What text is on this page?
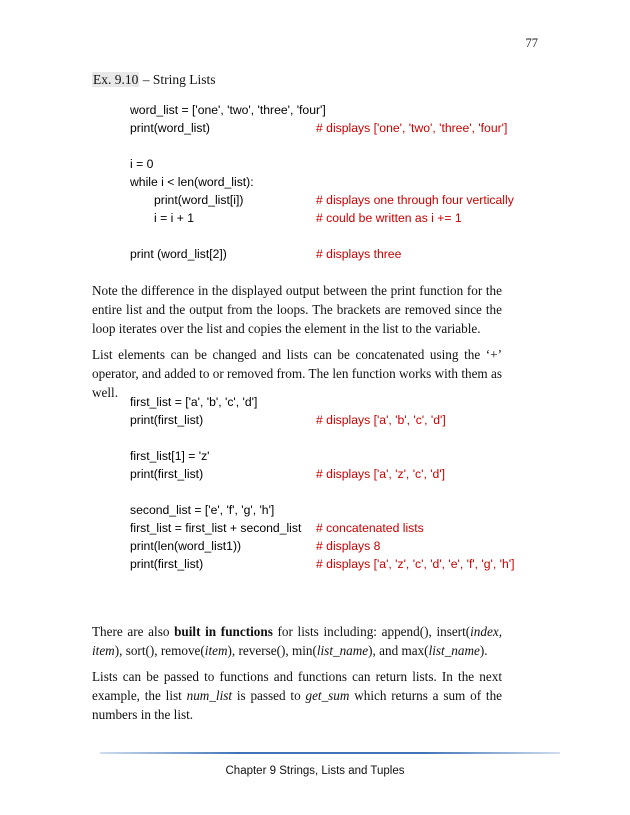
77
Ex. 9.10 – String Lists
word_list = ['one', 'two', 'three', 'four']
print(word_list)	# displays ['one', 'two', 'three', 'four']
i = 0
while i < len(word_list):
print(word_list[i])	# displays one through four vertically
i = i + 1	# could be written as i += 1
print (word_list[2])	# displays three

Note the difference in the displayed output between the print function for the entire list and the output from the loops. The brackets are removed since the loop iterates over the list and copies the element in the list to the variable.

List elements can be changed and lists can be concatenated using the ‘+’ operator, and added to or removed from. The len function works with them as well.

first_list = ['a', 'b', 'c', 'd']
print(first_list)	# displays ['a', 'b', 'c', 'd']
first_list[1] = 'z'
print(first_list)	# displays ['a', 'z', 'c', 'd']
second_list = ['e', 'f', 'g', 'h']
first_list = first_list + second_list # concatenated lists
print(len(word_list1))	# displays 8
print(first_list)	# displays ['a', 'z', 'c', 'd', 'e', 'f', 'g', 'h']

There are also built in functions for lists including: append(), insert(index, item), sort(), remove(item), reverse(), min(list_name), and max(list_name).

Lists can be passed to functions and functions can return lists. In the next example, the list num_list is passed to get_sum which returns a sum of the numbers in the list.

Chapter 9 Strings, Lists and Tuples
